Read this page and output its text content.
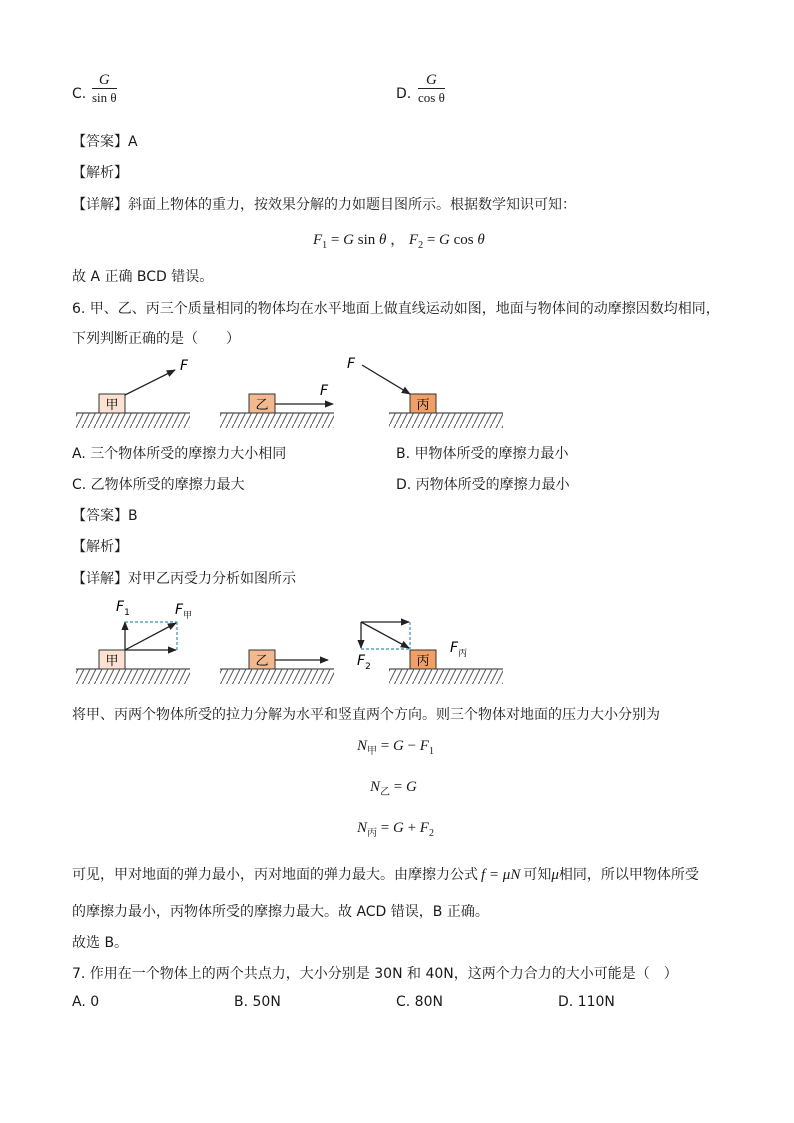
C. $\frac{G}{\text{sin θ}}$	D. $\frac{G}{\text{cos θ}}$
【答案】A
【解析】
【详解】斜面上物体的重力，按效果分解的力如题目图所示。根据数学知识可知：
$F_1 = G$ sin θ ， $F_2 = G$ cos θ
故 A 正确 BCD 错误。
6. 甲、乙、丙三个质量相同的物体均在水平地面上做直线运动如图，地面与物体间的动摩擦因数均相同，
下列判断正确的是（　　）
甲
F
乙
F
丙
F
A. 三个物体所受的摩擦力大小相同	B. 甲物体所受的摩擦力最小
C. 乙物体所受的摩擦力最大	D. 丙物体所受的摩擦力最小
【答案】B
【解析】
【详解】对甲乙丙受力分析如图所示
甲
$F_1$	$F_甲$
乙	丙
$F_2$
$F_丙$
将甲、丙两个物体所受的拉力分解为水平和竖直两个方向。则三个物体对地面的压力大小分别为
$N_甲 = G - F_1$
$N_乙 = G$
$N_丙 = G + F_2$
可见，甲对地面的弹力最小，丙对地面的弹力最大。由摩擦力公式 f = μN 可知μ相同，所以甲物体所受
的摩擦力最小，丙物体所受的摩擦力最大。故 ACD 错误，B 正确。
故选 B。
7. 作用在一个物体上的两个共点力，大小分别是 30N 和 40N，这两个力合力的大小可能是（　）
A. 0	B. 50N	C. 80N	D. 110N
